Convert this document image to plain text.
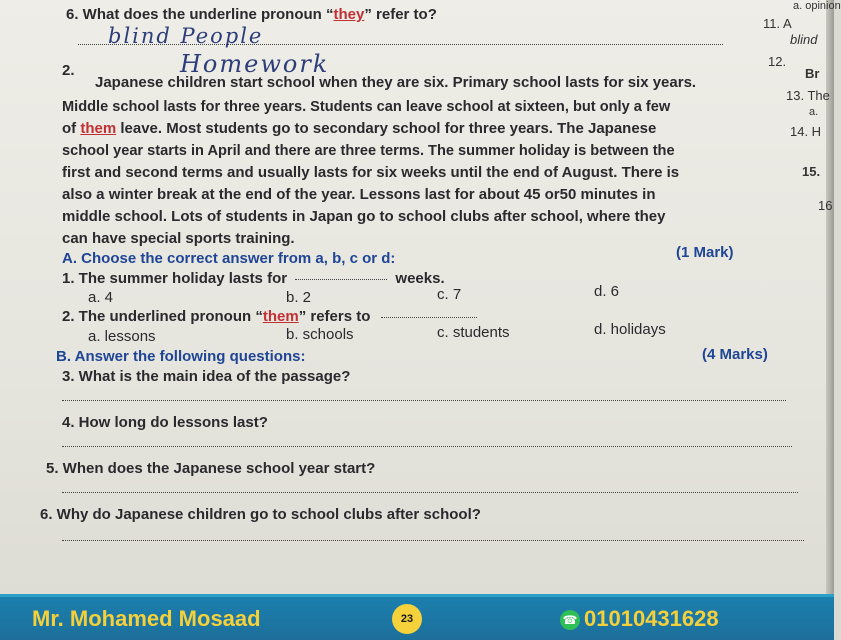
6. What does the underline pronoun “they” refer to?
blind People
2.	Homework
Japanese children start school when they are six. Primary school lasts for six years.
Middle school lasts for three years. Students can leave school at sixteen, but only a few
of them leave. Most students go to secondary school for three years. The Japanese
school year starts in April and there are three terms. The summer holiday is between the
first and second terms and usually lasts for six weeks until the end of August. There is
also a winter break at the end of the year. Lessons last for about 45 or50 minutes in
middle school. Lots of students in Japan go to school clubs after school, where they
can have special sports training.
A. Choose the correct answer from a, b, c or d:	(1 Mark)
1. The summer holiday lasts for	weeks.
a. 4	b. 2	c. 7	d. 6
2. The underlined pronoun “them” refers to
a. lessons	b. schools	c. students	d. holidays
B. Answer the following questions:	(4 Marks)
3. What is the main idea of the passage?
4. How long do lessons last?
5. When does the Japanese school year start?
6. Why do Japanese children go to school clubs after school?
a. opinion
11. A
blind
12.
Br
13. The
a.
14. H
15.
16
Mr. Mohamed Mosaad	23	☎ 01010431628
